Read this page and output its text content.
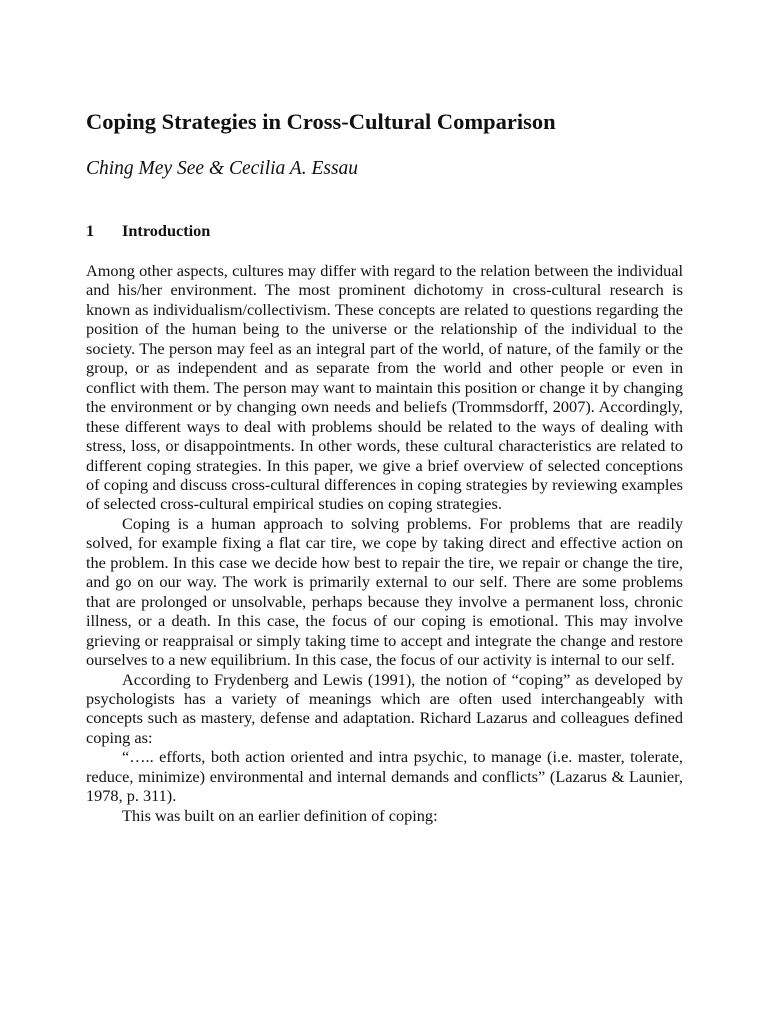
Coping Strategies in Cross-Cultural Comparison
Ching Mey See & Cecilia A. Essau
1 Introduction

Among other aspects, cultures may differ with regard to the relation between the individual and his/her environment. The most prominent dichotomy in cross-cultural research is known as individualism/collectivism. These concepts are related to questions regarding the position of the human being to the universe or the relationship of the individual to the society. The person may feel as an integral part of the world, of nature, of the family or the group, or as independent and as separate from the world and other people or even in conflict with them. The person may want to maintain this position or change it by changing the environment or by changing own needs and beliefs (Trommsdorff, 2007). Accordingly, these different ways to deal with problems should be related to the ways of dealing with stress, loss, or disappointments. In other words, these cultural characteristics are related to different coping strategies. In this paper, we give a brief overview of selected conceptions of coping and discuss cross-cultural differences in coping strategies by reviewing examples of selected cross-cultural empirical studies on coping strategies.

Coping is a human approach to solving problems. For problems that are readily solved, for example fixing a flat car tire, we cope by taking direct and effective action on the problem. In this case we decide how best to repair the tire, we repair or change the tire, and go on our way. The work is primarily external to our self. There are some problems that are prolonged or unsolvable, perhaps because they involve a permanent loss, chronic illness, or a death. In this case, the focus of our coping is emotional. This may involve grieving or reappraisal or simply taking time to accept and integrate the change and restore ourselves to a new equilibrium. In this case, the focus of our activity is internal to our self.

According to Frydenberg and Lewis (1991), the notion of “coping” as developed by psychologists has a variety of meanings which are often used interchangeably with concepts such as mastery, defense and adaptation. Richard Lazarus and colleagues defined coping as:

“….. efforts, both action oriented and intra psychic, to manage (i.e. master, tolerate, reduce, minimize) environmental and internal demands and conflicts” (Lazarus & Launier, 1978, p. 311).

This was built on an earlier definition of coping:
